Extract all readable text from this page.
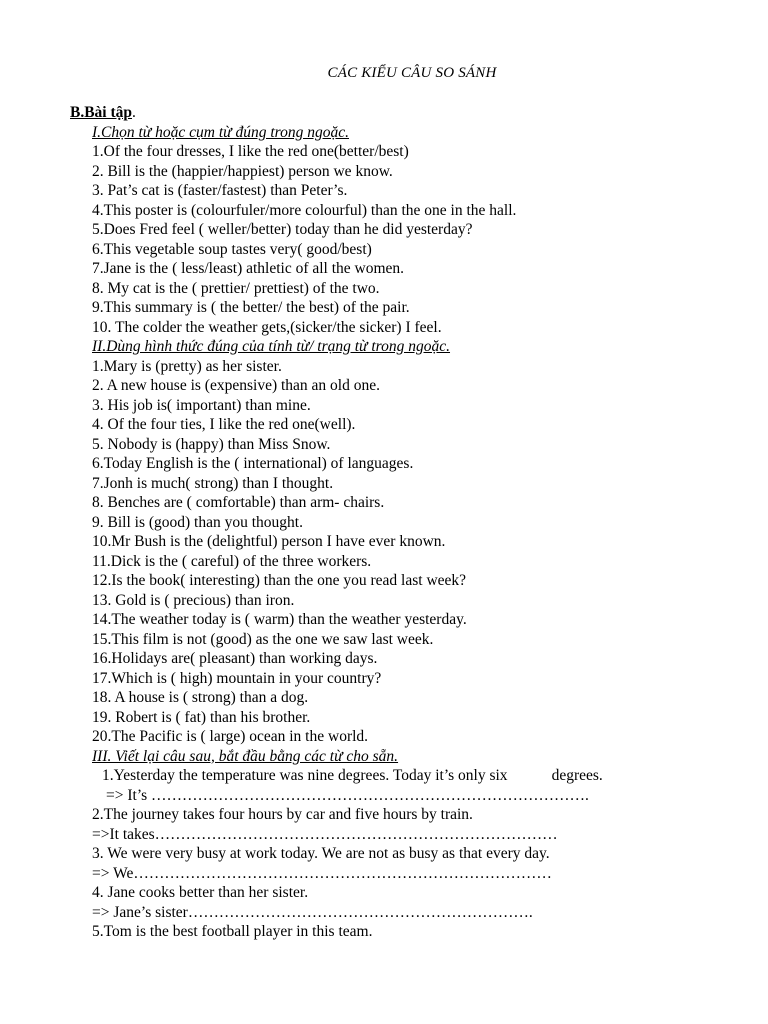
CÁC KIỂU CÂU SO SÁNH
B.Bài tập.
I.Chọn từ hoặc cụm từ đúng trong ngoặc.
1.Of the four dresses, I like the red one(better/best)
2. Bill is the (happier/happiest) person we know.
3. Pat’s cat is (faster/fastest) than Peter’s.
4.This poster is (colourfuler/more colourful) than the one in the hall.
5.Does Fred feel ( weller/better) today than he did yesterday?
6.This vegetable soup tastes very( good/best)
7.Jane is the ( less/least) athletic of all the women.
8. My cat is the ( prettier/ prettiest) of the two.
9.This summary is ( the better/ the best) of the pair.
10. The colder the weather gets,(sicker/the sicker) I feel.
II.Dùng hình thức đúng của tính từ/ trạng từ trong ngoặc.
1.Mary is (pretty) as her sister.
2. A new house is (expensive) than an old one.
3. His job is( important) than mine.
4. Of the four ties, I like the red one(well).
5. Nobody is (happy) than Miss Snow.
6.Today English is the ( international) of languages.
7.Jonh is much( strong) than I thought.
8. Benches are ( comfortable) than arm- chairs.
9. Bill is (good) than you thought.
10.Mr Bush is the (delightful) person I have ever known.
11.Dick is the ( careful) of the three workers.
12.Is the book( interesting) than the one you read last week?
13. Gold is ( precious) than iron.
14.The weather today is ( warm) than the weather yesterday.
15.This film is not (good) as the one we saw last week.
16.Holidays are( pleasant) than working days.
17.Which is ( high) mountain in your country?
18. A house is ( strong) than a dog.
19. Robert is ( fat) than his brother.
20.The Pacific is ( large) ocean in the world.
III. Viết lại câu sau, bắt đầu bằng các từ cho sẵn.
1.Yesterday the temperature was nine degrees. Today it’s only six	degrees.
=> It’s ………………………………………………………………………….
2.The journey takes four hours by car and five hours by train.
=>It takes……………………………………………………………………
3. We were very busy at work today. We are not as busy as that every day.
=> We………………………………………………………………………
4. Jane cooks better than her sister.
=> Jane’s sister………………………………………………………….
5.Tom is the best football player in this team.
